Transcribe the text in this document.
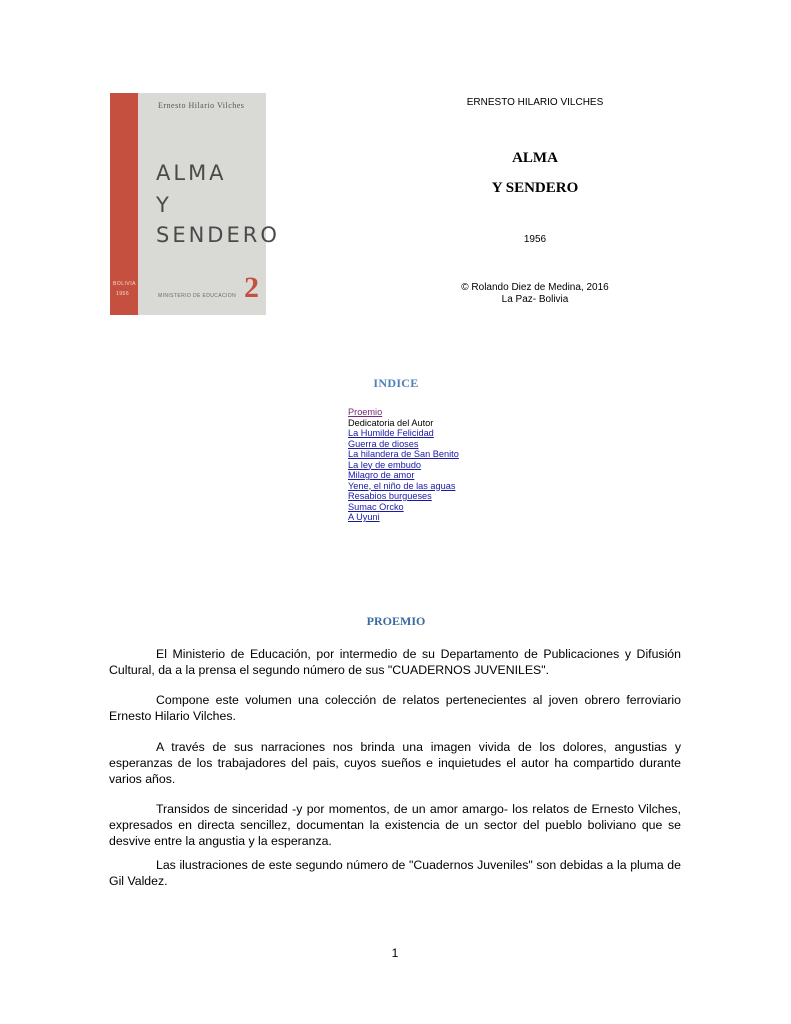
Ernesto Hilario Vilches
ALMA
Y
SENDERO
BOLIVIA
1956	MINISTERIO DE EDUCACION 2
ERNESTO HILARIO VILCHES
ALMA
Y SENDERO
1956
© Rolando Diez de Medina, 2016
La Paz- Bolivia
INDICE
Proemio
Dedicatoria del Autor
La Humilde Felicidad
Guerra de dioses
La hilandera de San Benito
La ley de embudo
Milagro de amor
Yene, el niño de las aguas
Resabios burgueses
Sumac Orcko
A Uyuni
PROEMIO

El Ministerio de Educación, por intermedio de su Departamento de Publicaciones y Difusión Cultural, da a la prensa el segundo número de sus "CUADERNOS JUVENILES".

Compone este volumen una colección de relatos pertenecientes al joven obrero ferroviario Ernesto Hilario Vilches.

A través de sus narraciones nos brinda una imagen vivida de los dolores, angustias y esperanzas de los trabajadores del pais, cuyos sueños e inquietudes el autor ha compartido durante varios años.

Transidos de sinceridad -y por momentos, de un amor amargo- los relatos de Ernesto Vilches, expresados en directa sencillez, documentan la existencia de un sector del pueblo boliviano que se desvive entre la angustia y la esperanza.

Las ilustraciones de este segundo número de "Cuadernos Juveniles" son debidas a la pluma de Gil Valdez.

1
